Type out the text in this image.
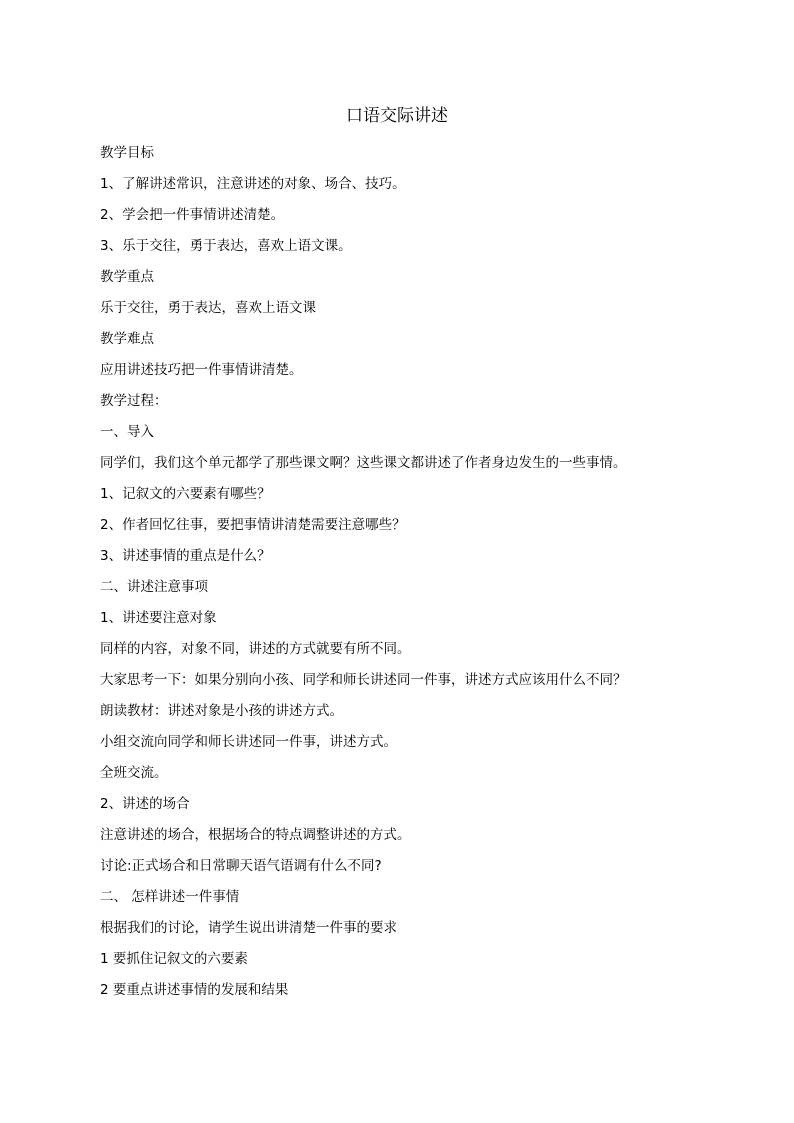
口语交际讲述
教学目标
1、了解讲述常识，注意讲述的对象、场合、技巧。
2、学会把一件事情讲述清楚。
3、乐于交往，勇于表达，喜欢上语文课。
教学重点
乐于交往，勇于表达，喜欢上语文课
教学难点
应用讲述技巧把一件事情讲清楚。
教学过程：
一、导入
同学们，我们这个单元都学了那些课文啊？这些课文都讲述了作者身边发生的一些事情。
1、记叙文的六要素有哪些？
2、作者回忆往事，要把事情讲清楚需要注意哪些？
3、讲述事情的重点是什么？
二、讲述注意事项
1、讲述要注意对象
同样的内容，对象不同，讲述的方式就要有所不同。
大家思考一下：如果分别向小孩、同学和师长讲述同一件事，讲述方式应该用什么不同？
朗读教材：讲述对象是小孩的讲述方式。
小组交流向同学和师长讲述同一件事，讲述方式。
全班交流。
2、讲述的场合
注意讲述的场合，根据场合的特点调整讲述的方式。
讨论:正式场合和日常聊天语气语调有什么不同?
二、 怎样讲述一件事情
根据我们的讨论，请学生说出讲清楚一件事的要求
1 要抓住记叙文的六要素
2 要重点讲述事情的发展和结果
